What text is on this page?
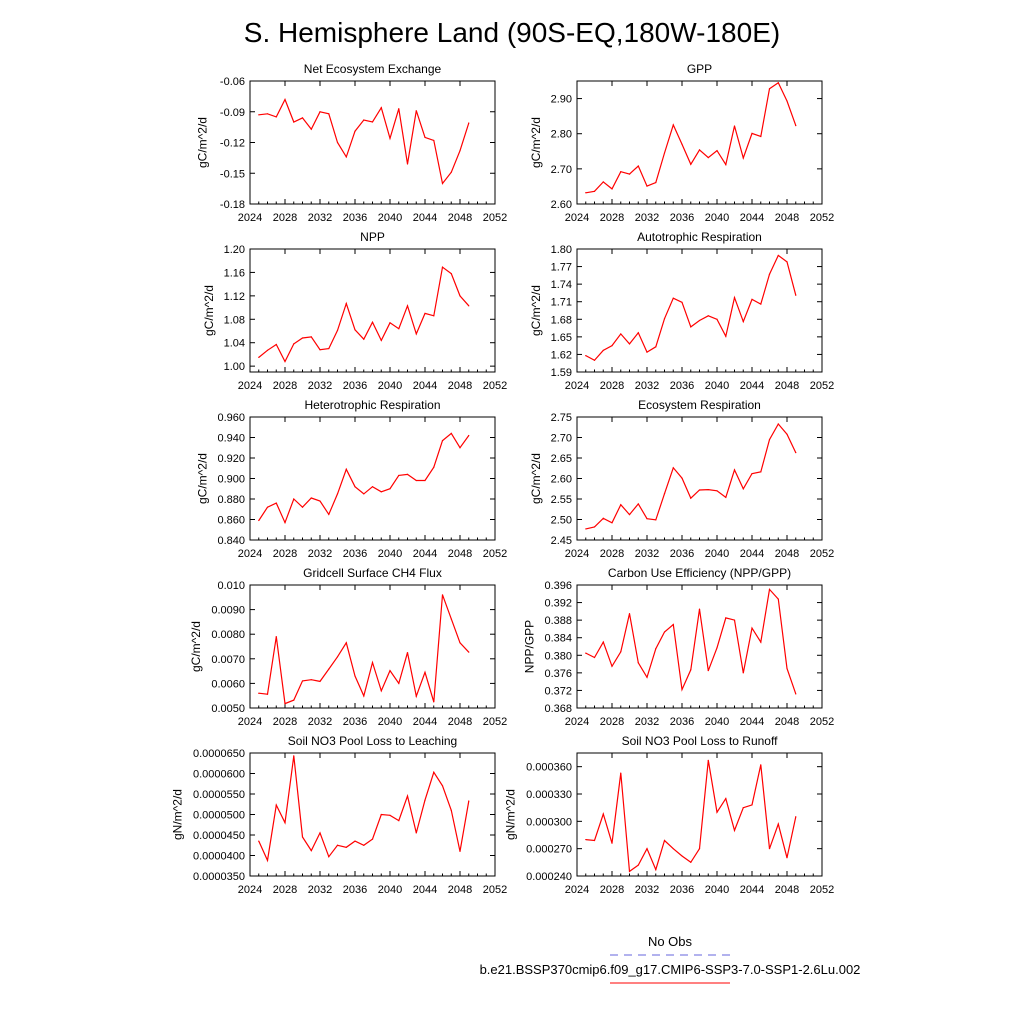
S. Hemisphere Land (90S-EQ,180W-180E)
Net Ecosystem Exchange
2024 2028 2032 2036 2040 2044 2048 2052
-0.06
-0.09
-0.12
-0.15
-0.18
gC/m^2/d
GPP
2024 2028 2032 2036 2040 2044 2048 2052
2.90
2.80
2.70
2.60
gC/m^2/d
NPP
2024 2028 2032 2036 2040 2044 2048 2052
1.20
1.16
1.12
1.08
1.04
1.00
gC/m^2/d
Autotrophic Respiration
2024 2028 2032 2036 2040 2044 2048 2052
1.80
1.77
1.74
1.71
1.68
1.65
1.62
1.59
gC/m^2/d
Heterotrophic Respiration
2024 2028 2032 2036 2040 2044 2048 2052
0.960
0.940
0.920
0.900
0.880
0.860
0.840
gC/m^2/d
Ecosystem Respiration
2024 2028 2032 2036 2040 2044 2048 2052
2.75
2.70
2.65
2.60
2.55
2.50
2.45
gC/m^2/d
Gridcell Surface CH4 Flux
2024 2028 2032 2036 2040 2044 2048 2052
0.010
0.0090
0.0080
0.0070
0.0060
0.0050
gC/m^2/d
Carbon Use Efficiency (NPP/GPP)
2024 2028 2032 2036 2040 2044 2048 2052
0.396
0.392
0.388
0.384
0.380
0.376
0.372
0.368
NPP/GPP
Soil NO3 Pool Loss to Leaching
2024 2028 2032 2036 2040 2044 2048 2052
0.0000650
0.0000600
0.0000550
0.0000500
0.0000450
0.0000400
0.0000350
gN/m^2/d
Soil NO3 Pool Loss to Runoff
2024 2028 2032 2036 2040 2044 2048 2052
0.000360
0.000330
0.000300
0.000270
0.000240
gN/m^2/d
No Obs
b.e21.BSSP370cmip6.f09_g17.CMIP6-SSP3-7.0-SSP1-2.6Lu.002
